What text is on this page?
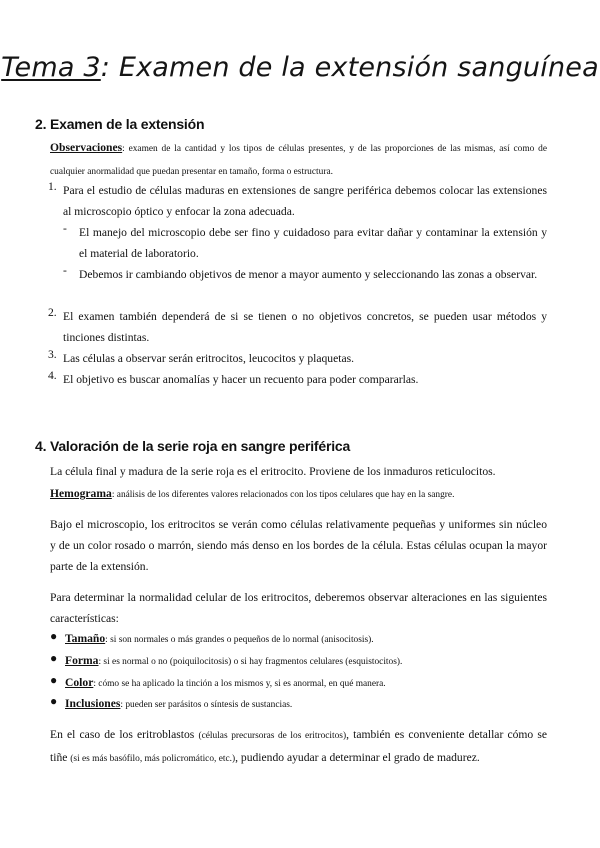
Tema 3: Examen de la extensión sanguínea
2. Examen de la extensión
Observaciones: examen de la cantidad y los tipos de células presentes, y de las proporciones de las mismas, así como de cualquier anormalidad que puedan presentar en tamaño, forma o estructura.
1. Para el estudio de células maduras en extensiones de sangre periférica debemos colocar las extensiones al microscopio óptico y enfocar la zona adecuada.
- El manejo del microscopio debe ser fino y cuidadoso para evitar dañar y contaminar la extensión y el material de laboratorio.
- Debemos ir cambiando objetivos de menor a mayor aumento y seleccionando las zonas a observar.
2. El examen también dependerá de si se tienen o no objetivos concretos, se pueden usar métodos y tinciones distintas.
3. Las células a observar serán eritrocitos, leucocitos y plaquetas.
4. El objetivo es buscar anomalías y hacer un recuento para poder compararlas.
4. Valoración de la serie roja en sangre periférica
La célula final y madura de la serie roja es el eritrocito. Proviene de los inmaduros reticulocitos.
Hemograma: análisis de los diferentes valores relacionados con los tipos celulares que hay en la sangre.
Bajo el microscopio, los eritrocitos se verán como células relativamente pequeñas y uniformes sin núcleo y de un color rosado o marrón, siendo más denso en los bordes de la célula. Estas células ocupan la mayor parte de la extensión.
Para determinar la normalidad celular de los eritrocitos, deberemos observar alteraciones en las siguientes características:
● Tamaño: si son normales o más grandes o pequeños de lo normal (anisocitosis).
● Forma: si es normal o no (poiquilocitosis) o si hay fragmentos celulares (esquistocitos).
● Color: cómo se ha aplicado la tinción a los mismos y, si es anormal, en qué manera.
● Inclusiones: pueden ser parásitos o síntesis de sustancias.
En el caso de los eritroblastos (células precursoras de los eritrocitos), también es conveniente detallar cómo se tiñe (si es más basófilo, más policromático, etc.), pudiendo ayudar a determinar el grado de madurez.
